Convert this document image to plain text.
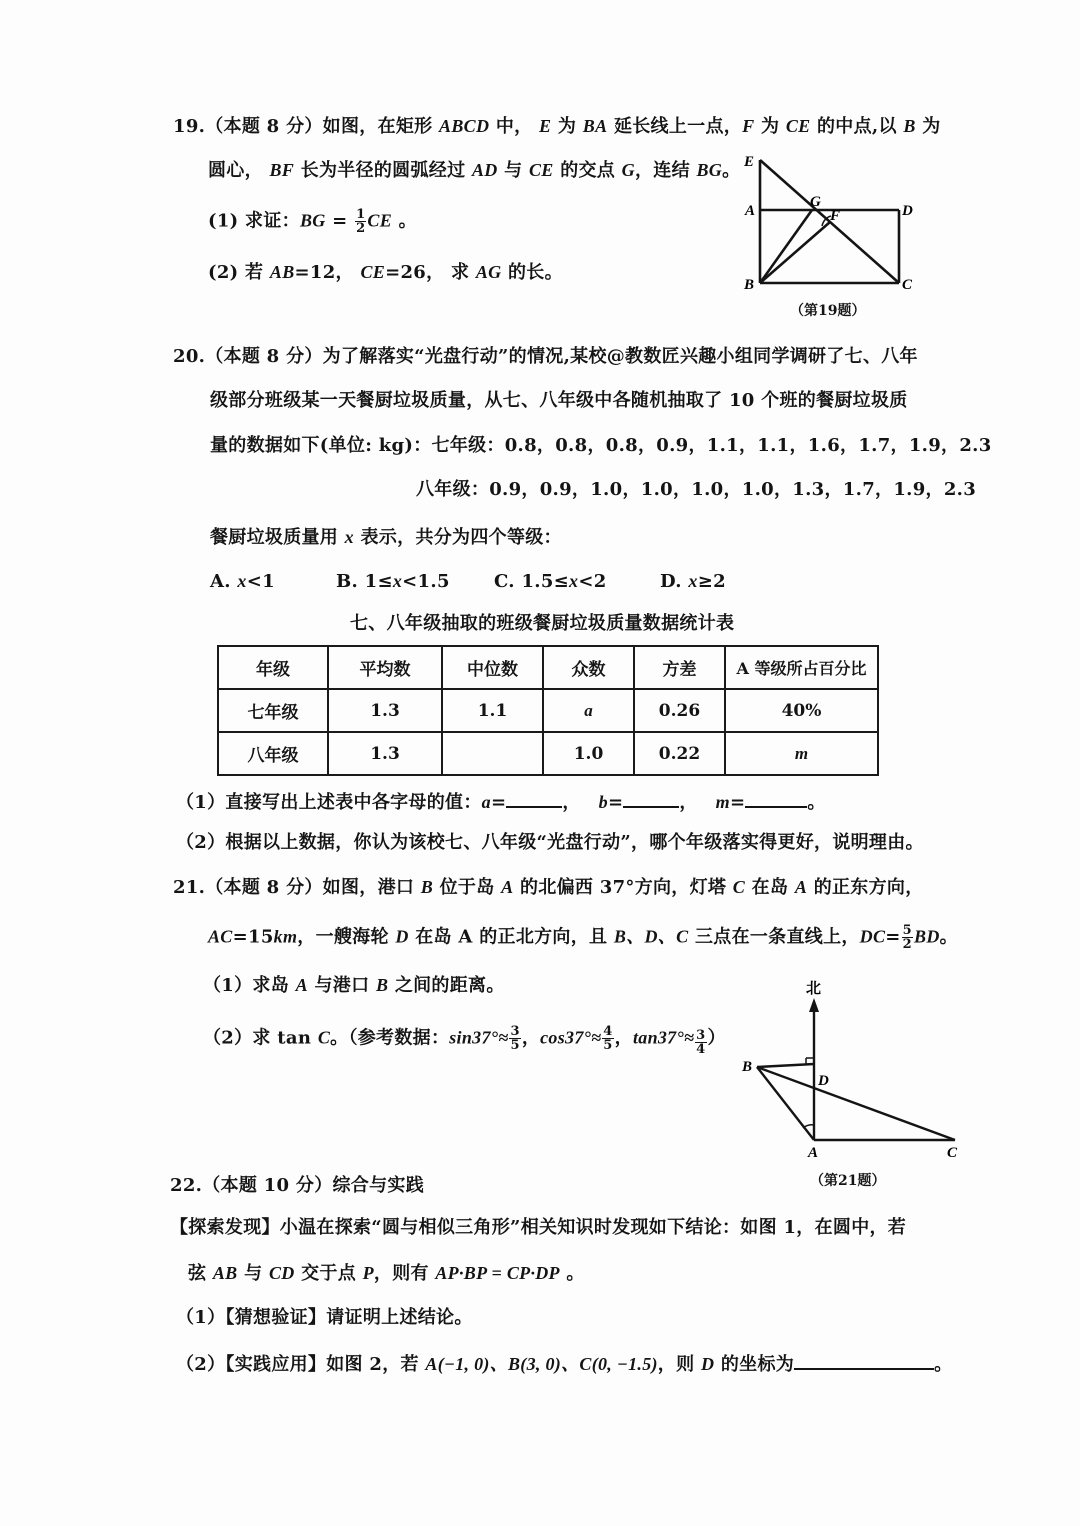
19.（本题 8 分）如图，在矩形 ABCD 中， E 为 BA 延长线上一点，F 为 CE 的中点,以 B 为
圆心， BF 长为半径的圆弧经过 AD 与 CE 的交点 G，连结 BG。
(1) 求证：BG = $\frac{1}{2}$ CE 。
(2) 若 AB=12， CE=26， 求 AG 的长。
E
A
G
F	D
B	C
（第19题）
20.（本题 8 分）为了解落实“光盘行动”的情况,某校@教数匠兴趣小组同学调研了七、八年
级部分班级某一天餐厨垃圾质量，从七、八年级中各随机抽取了 10 个班的餐厨垃圾质
量的数据如下(单位: kg)：七年级：0.8，0.8，0.8，0.9，1.1，1.1，1.6，1.7，1.9，2.3
八年级：0.9，0.9，1.0，1.0，1.0，1.0，1.3，1.7，1.9，2.3
餐厨垃圾质量用 x 表示，共分为四个等级：
A. x<1	B. 1≤x<1.5 C. 1.5≤x<2	D. x≥2
七、八年级抽取的班级餐厨垃圾质量数据统计表
年级	平均数	中位数	众数	方差	A 等级所占百分比
七年级	1.3	1.1	a	0.26	40%
八年级	1.3		1.0	0.22	m
（1）直接写出上述表中各字母的值：a=	， b=	， m=	。
（2）根据以上数据，你认为该校七、八年级“光盘行动”，哪个年级落实得更好，说明理由。
21.（本题 8 分）如图，港口 B 位于岛 A 的北偏西 37°方向，灯塔 C 在岛 A 的正东方向，
AC=15km，一艘海轮 D 在岛 A 的正北方向，且 B、D、C 三点在一条直线上，$DC= \frac{5}{2}$ BD。
（1）求岛 A 与港口 B 之间的距离。
（2）求 tan C。（参考数据：$\sin 37^\circ\approx \frac{3}{5}$ ，$\cos 37^\circ\approx \frac{4}{5}$ ，$\tan 37^\circ\approx \frac{3}{4}$ ）
北
B
D
A	C
（第21题）
22.（本题 10 分）综合与实践
【探索发现】小温在探索“圆与相似三角形”相关知识时发现如下结论：如图 1，在圆中，若
弦 AB 与 CD 交于点 P，则有 AP·BP = CP·DP 。
（1）【猜想验证】请证明上述结论。
（2）【实践应用】如图 2，若 A(−1, 0)、B(3, 0)、C(0, −1.5)，则 D 的坐标为	。
